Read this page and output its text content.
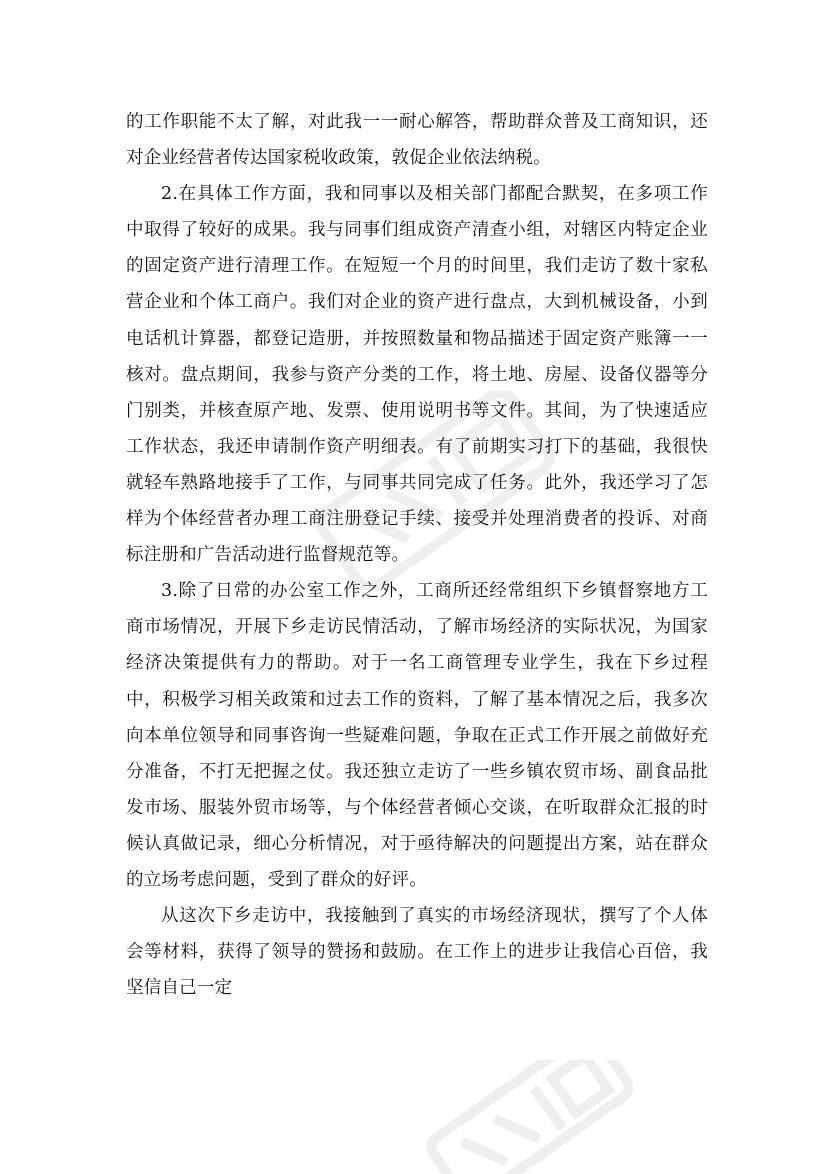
的工作职能不太了解，对此我一一耐心解答，帮助群众普及工商知识，还对企业经营者传达国家税收政策，敦促企业依法纳税。

2.在具体工作方面，我和同事以及相关部门都配合默契，在多项工作中取得了较好的成果。我与同事们组成资产清查小组，对辖区内特定企业的固定资产进行清理工作。在短短一个月的时间里，我们走访了数十家私营企业和个体工商户。我们对企业的资产进行盘点，大到机械设备，小到电话机计算器，都登记造册，并按照数量和物品描述于固定资产账簿一一核对。盘点期间，我参与资产分类的工作，将土地、房屋、设备仪器等分门别类，并核查原产地、发票、使用说明书等文件。其间，为了快速适应工作状态，我还申请制作资产明细表。有了前期实习打下的基础，我很快就轻车熟路地接手了工作，与同事共同完成了任务。此外，我还学习了怎样为个体经营者办理工商注册登记手续、接受并处理消费者的投诉、对商标注册和广告活动进行监督规范等。

3.除了日常的办公室工作之外，工商所还经常组织下乡镇督察地方工商市场情况，开展下乡走访民情活动，了解市场经济的实际状况，为国家经济决策提供有力的帮助。对于一名工商管理专业学生，我在下乡过程中，积极学习相关政策和过去工作的资料，了解了基本情况之后，我多次向本单位领导和同事咨询一些疑难问题，争取在正式工作开展之前做好充分准备，不打无把握之仗。我还独立走访了一些乡镇农贸市场、副食品批发市场、服装外贸市场等，与个体经营者倾心交谈，在听取群众汇报的时候认真做记录，细心分析情况，对于亟待解决的问题提出方案，站在群众的立场考虑问题，受到了群众的好评。

从这次下乡走访中，我接触到了真实的市场经济现状，撰写了个人体会等材料，获得了领导的赞扬和鼓励。在工作上的进步让我信心百倍，我坚信自己一定
